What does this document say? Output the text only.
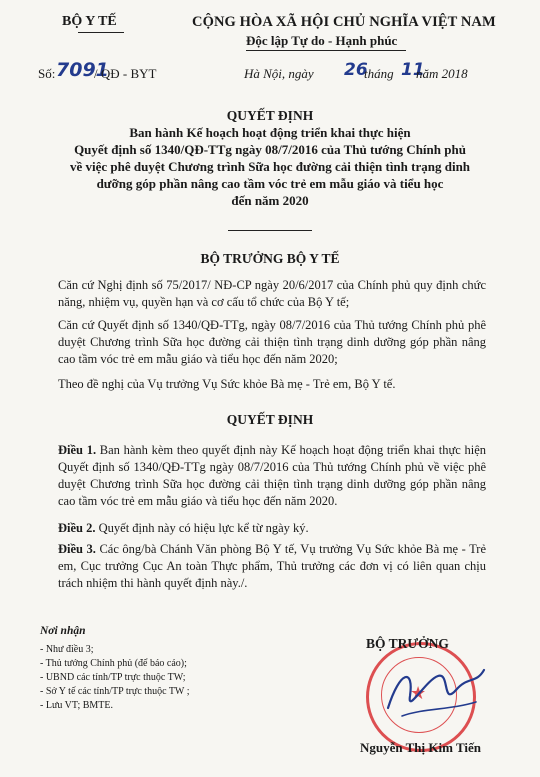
BỘ Y TẾ	CỘNG HÒA XÃ HỘI CHỦ NGHĨA VIỆT NAM
Độc lập Tự do - Hạnh phúc
Số: 7091
/ QĐ - BYT	Hà Nội, ngày 26
tháng 11
năm 2018
QUYẾT ĐỊNH
Ban hành Kế hoạch hoạt động triển khai thực hiện
Quyết định số 1340/QĐ-TTg ngày 08/7/2016 của Thủ tướng Chính phủ
về việc phê duyệt Chương trình Sữa học đường cải thiện tình trạng dinh
dưỡng góp phần nâng cao tầm vóc trẻ em mẫu giáo và tiểu học
đến năm 2020
BỘ TRƯỞNG BỘ Y TẾ
Căn cứ Nghị định số 75/2017/ NĐ-CP ngày 20/6/2017 của Chính phủ quy định chức năng, nhiệm vụ, quyền hạn và cơ cấu tổ chức của Bộ Y tế;
Căn cứ Quyết định số 1340/QĐ-TTg, ngày 08/7/2016 của Thủ tướng Chính phủ phê duyệt Chương trình Sữa học đường cải thiện tình trạng dinh dưỡng góp phần nâng cao tầm vóc trẻ em mẫu giáo và tiểu học đến năm 2020;
Theo đề nghị của Vụ trưởng Vụ Sức khỏe Bà mẹ - Trẻ em, Bộ Y tế.
QUYẾT ĐỊNH
Điều 1. Ban hành kèm theo quyết định này Kế hoạch hoạt động triển khai thực hiện Quyết định số 1340/QĐ-TTg ngày 08/7/2016 của Thủ tướng Chính phủ về việc phê duyệt Chương trình Sữa học đường cải thiện tình trạng dinh dưỡng góp phần nâng cao tầm vóc trẻ em mẫu giáo và tiểu học đến năm 2020.
Điều 2. Quyết định này có hiệu lực kể từ ngày ký.
Điều 3. Các ông/bà Chánh Văn phòng Bộ Y tế, Vụ trưởng Vụ Sức khỏe Bà mẹ - Trẻ em, Cục trưởng Cục An toàn Thực phẩm, Thủ trưởng các đơn vị có liên quan chịu trách nhiệm thi hành quyết định này./.
Nơi nhận
- Như điều 3;
- Thủ tướng Chính phủ (để báo cáo);
- UBND các tỉnh/TP trực thuộc TW;
- Sở Y tế các tỉnh/TP trực thuộc TW ;
- Lưu VT; BMTE.
★
BỘ TRƯỞNG
Nguyễn Thị Kim Tiến
